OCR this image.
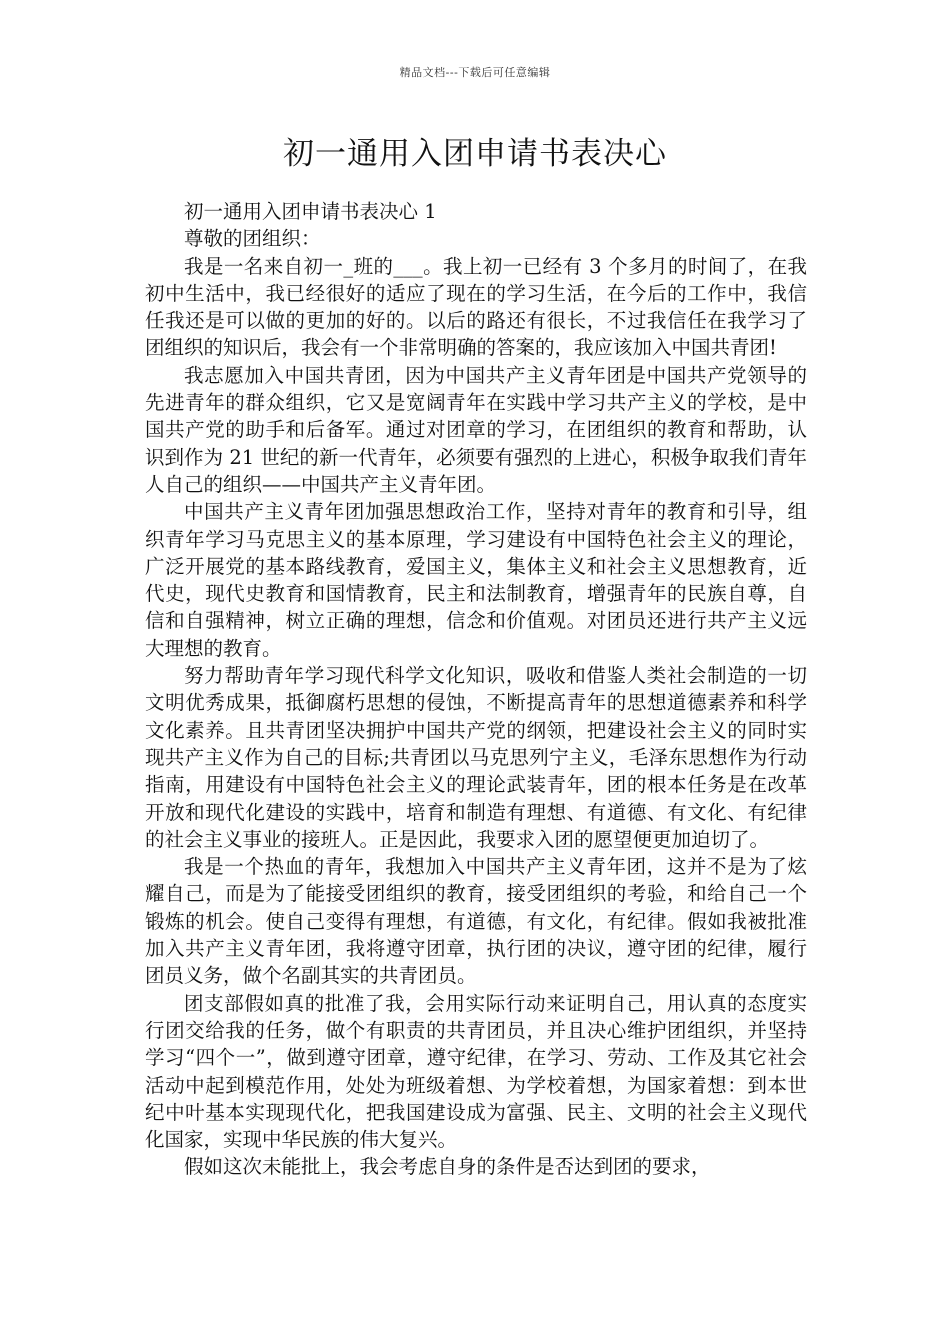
精品文档---下载后可任意编辑
初一通用入团申请书表决心

初一通用入团申请书表决心 1

尊敬的团组织：

我是一名来自初一_班的___。我上初一已经有 3 个多月的时间了，在我初中生活中，我已经很好的适应了现在的学习生活，在今后的工作中，我信任我还是可以做的更加的好的。以后的路还有很长，不过我信任在我学习了团组织的知识后，我会有一个非常明确的答案的，我应该加入中国共青团!

我志愿加入中国共青团，因为中国共产主义青年团是中国共产党领导的先进青年的群众组织，它又是宽阔青年在实践中学习共产主义的学校，是中国共产党的助手和后备军。通过对团章的学习，在团组织的教育和帮助，认识到作为 21 世纪的新一代青年，必须要有强烈的上进心，积极争取我们青年人自己的组织——中国共产主义青年团。

中国共产主义青年团加强思想政治工作，坚持对青年的教育和引导，组织青年学习马克思主义的基本原理，学习建设有中国特色社会主义的理论，广泛开展党的基本路线教育，爱国主义，集体主义和社会主义思想教育，近代史，现代史教育和国情教育，民主和法制教育，增强青年的民族自尊，自信和自强精神，树立正确的理想，信念和价值观。对团员还进行共产主义远大理想的教育。

努力帮助青年学习现代科学文化知识，吸收和借鉴人类社会制造的一切文明优秀成果，抵御腐朽思想的侵蚀，不断提高青年的思想道德素养和科学文化素养。且共青团坚决拥护中国共产党的纲领，把建设社会主义的同时实现共产主义作为自己的目标;共青团以马克思列宁主义，毛泽东思想作为行动指南，用建设有中国特色社会主义的理论武装青年，团的根本任务是在改革开放和现代化建设的实践中，培育和制造有理想、有道德、有文化、有纪律的社会主义事业的接班人。正是因此，我要求入团的愿望便更加迫切了。

我是一个热血的青年，我想加入中国共产主义青年团，这并不是为了炫耀自己，而是为了能接受团组织的教育，接受团组织的考验，和给自己一个锻炼的机会。使自己变得有理想，有道德，有文化，有纪律。假如我被批准加入共产主义青年团，我将遵守团章，执行团的决议，遵守团的纪律，履行团员义务，做个名副其实的共青团员。

团支部假如真的批准了我，会用实际行动来证明自己，用认真的态度实行团交给我的任务，做个有职责的共青团员，并且决心维护团组织，并坚持学习“四个一”，做到遵守团章，遵守纪律，在学习、劳动、工作及其它社会活动中起到模范作用，处处为班级着想、为学校着想，为国家着想：到本世纪中叶基本实现现代化，把我国建设成为富强、民主、文明的社会主义现代化国家，实现中华民族的伟大复兴。

假如这次未能批上，我会考虑自身的条件是否达到团的要求，
